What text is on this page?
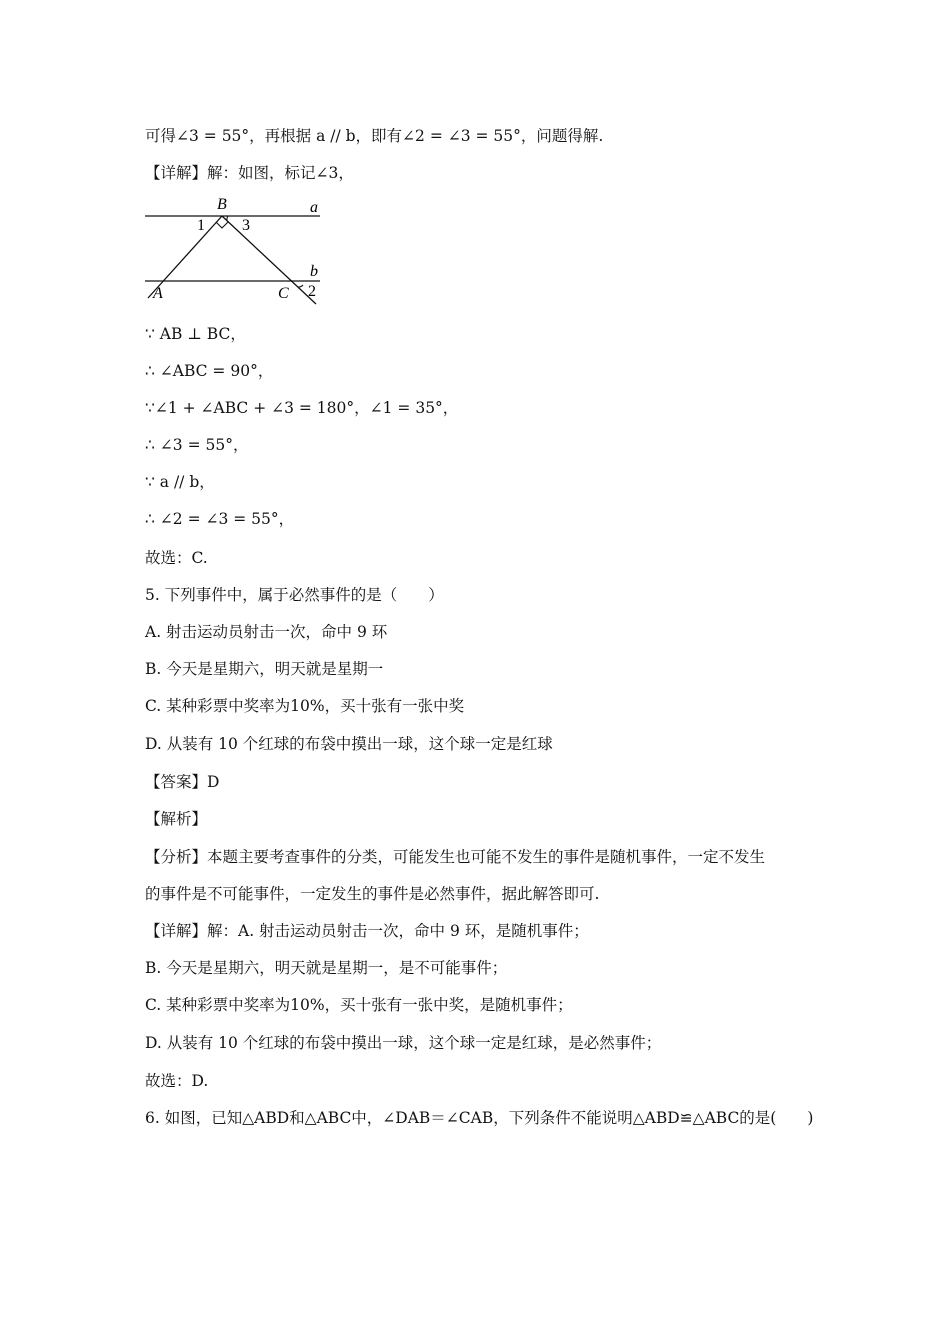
可得∠3 = 55°，再根据 a // b，即有∠2 = ∠3 = 55°，问题得解.
【详解】解：如图，标记∠3，
B	a
b
A	C
1 3
2
∵ AB ⊥ BC，
∴ ∠ABC = 90°，
∵∠1 + ∠ABC + ∠3 = 180°，∠1 = 35°，
∴ ∠3 = 55°，
∵ a // b，
∴ ∠2 = ∠3 = 55°，
故选：C.
5. 下列事件中，属于必然事件的是（　　）
A. 射击运动员射击一次，命中 9 环
B. 今天是星期六，明天就是星期一
C. 某种彩票中奖率为10%，买十张有一张中奖
D. 从装有 10 个红球的布袋中摸出一球，这个球一定是红球
【答案】D
【解析】
【分析】本题主要考查事件的分类，可能发生也可能不发生的事件是随机事件，一定不发生
的事件是不可能事件，一定发生的事件是必然事件，据此解答即可.
【详解】解：A. 射击运动员射击一次，命中 9 环，是随机事件；
B. 今天是星期六，明天就是星期一，是不可能事件；
C. 某种彩票中奖率为10%，买十张有一张中奖，是随机事件；
D. 从装有 10 个红球的布袋中摸出一球，这个球一定是红球，是必然事件；
故选：D.
6. 如图，已知△ABD和△ABC中，∠DAB＝∠CAB，下列条件不能说明△ABD≌△ABC的是(　　)
